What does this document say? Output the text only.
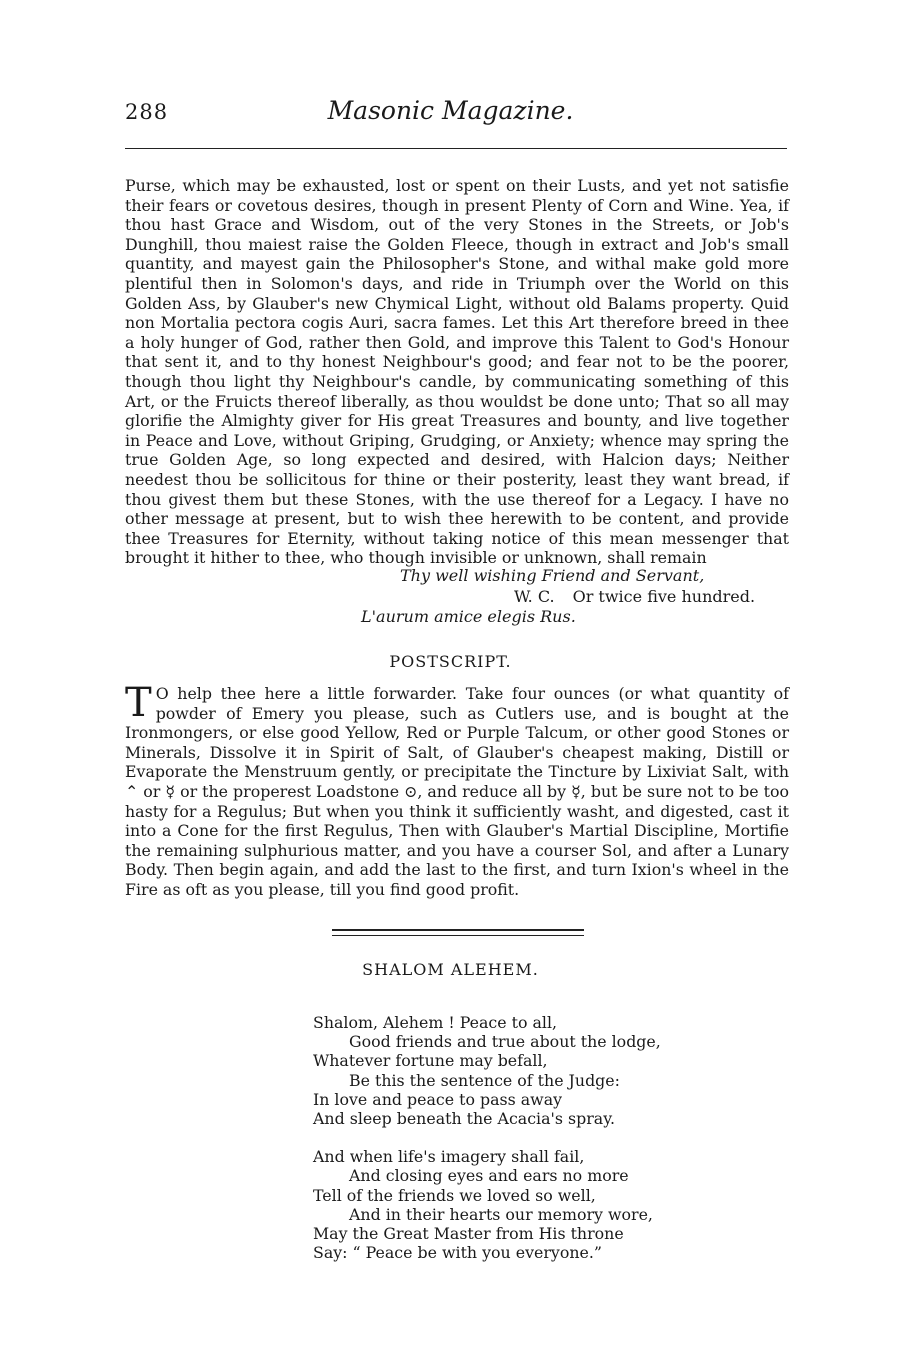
288	Masonic Magazine.

Purse, which may be exhausted, lost or spent on their Lusts, and yet not satisfie their fears or covetous desires, though in present Plenty of Corn and Wine. Yea, if thou hast Grace and Wisdom, out of the very Stones in the Streets, or Job's Dunghill, thou maiest raise the Golden Fleece, though in extract and Job's small quantity, and mayest gain the Philosopher's Stone, and withal make gold more plentiful then in Solomon's days, and ride in Triumph over the World on this Golden Ass, by Glauber's new Chymical Light, without old Balams property. Quid non Mortalia pectora cogis Auri, sacra fames. Let this Art therefore breed in thee a holy hunger of God, rather then Gold, and improve this Talent to God's Honour that sent it, and to thy honest Neighbour's good; and fear not to be the poorer, though thou light thy Neighbour's candle, by communicating something of this Art, or the Fruicts thereof liberally, as thou wouldst be done unto; That so all may glorifie the Almighty giver for His great Treasures and bounty, and live together in Peace and Love, without Griping, Grudging, or Anxiety; whence may spring the true Golden Age, so long expected and desired, with Halcion days; Neither needest thou be sollicitous for thine or their posterity, least they want bread, if thou givest them but these Stones, with the use thereof for a Legacy. I have no other message at present, but to wish thee herewith to be content, and provide thee Treasures for Eternity, without taking notice of this mean messenger that brought it hither to thee, who though invisible or unknown, shall remain

Thy well wishing Friend and Servant,
W. C. Or twice five hundred.
L'aurum amice elegis Rus.
POSTSCRIPT.
T O help thee here a little forwarder. Take four ounces (or what quantity of powder of Emery you please, such as Cutlers use, and is bought at the Ironmongers, or else good Yellow, Red or Purple Talcum, or other good Stones or Minerals, Dissolve it in Spirit of Salt, of Glauber's cheapest making, Distill or Evaporate the Menstruum gently, or precipitate the Tincture by Lixiviat Salt, with ⌃ or ☿ or the properest Loadstone ⊙, and reduce all by ☿, but be sure not to be too hasty for a Regulus; But when you think it sufficiently washt, and digested, cast it into a Cone for the first Regulus, Then with Glauber's Martial Discipline, Mortifie the remaining sulphurious matter, and you have a courser Sol, and after a Lunary Body. Then begin again, and add the last to the first, and turn Ixion's wheel in the Fire as oft as you please, till you find good profit.
SHALOM ALEHEM.
Shalom, Alehem ! Peace to all,
Good friends and true about the lodge,
Whatever fortune may befall,
Be this the sentence of the Judge:
In love and peace to pass away
And sleep beneath the Acacia's spray.
And when life's imagery shall fail,
And closing eyes and ears no more
Tell of the friends we loved so well,
And in their hearts our memory wore,
May the Great Master from His throne
Say: “ Peace be with you everyone.”
